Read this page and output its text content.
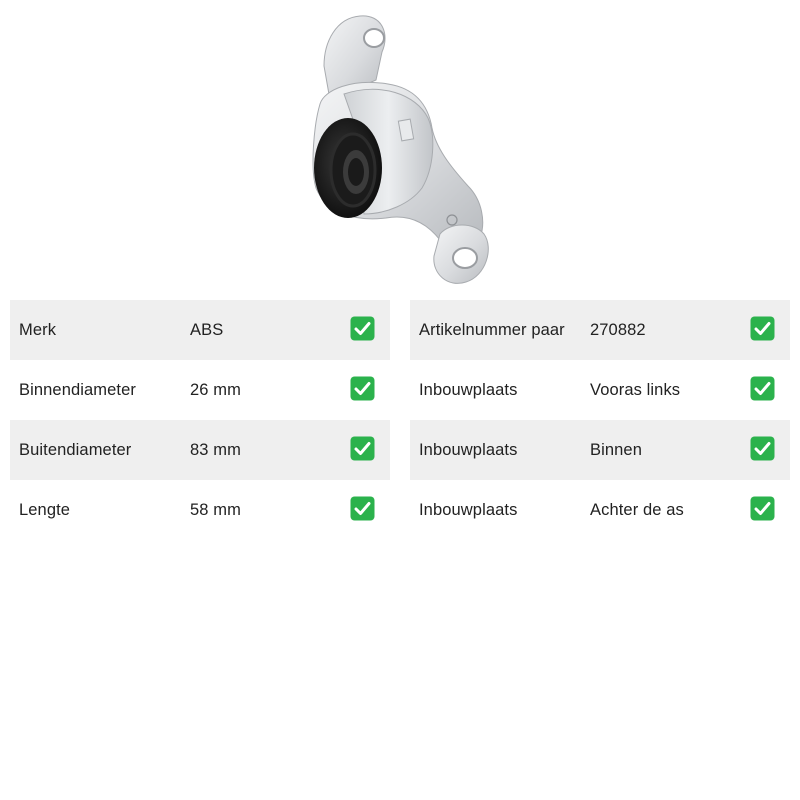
Merk	ABS
Binnendiameter	26 mm
Buitendiameter	83 mm
Lengte	58 mm
Artikelnummer paar 270882
Inbouwplaats	Vooras links
Inbouwplaats	Binnen
Inbouwplaats	Achter de as
